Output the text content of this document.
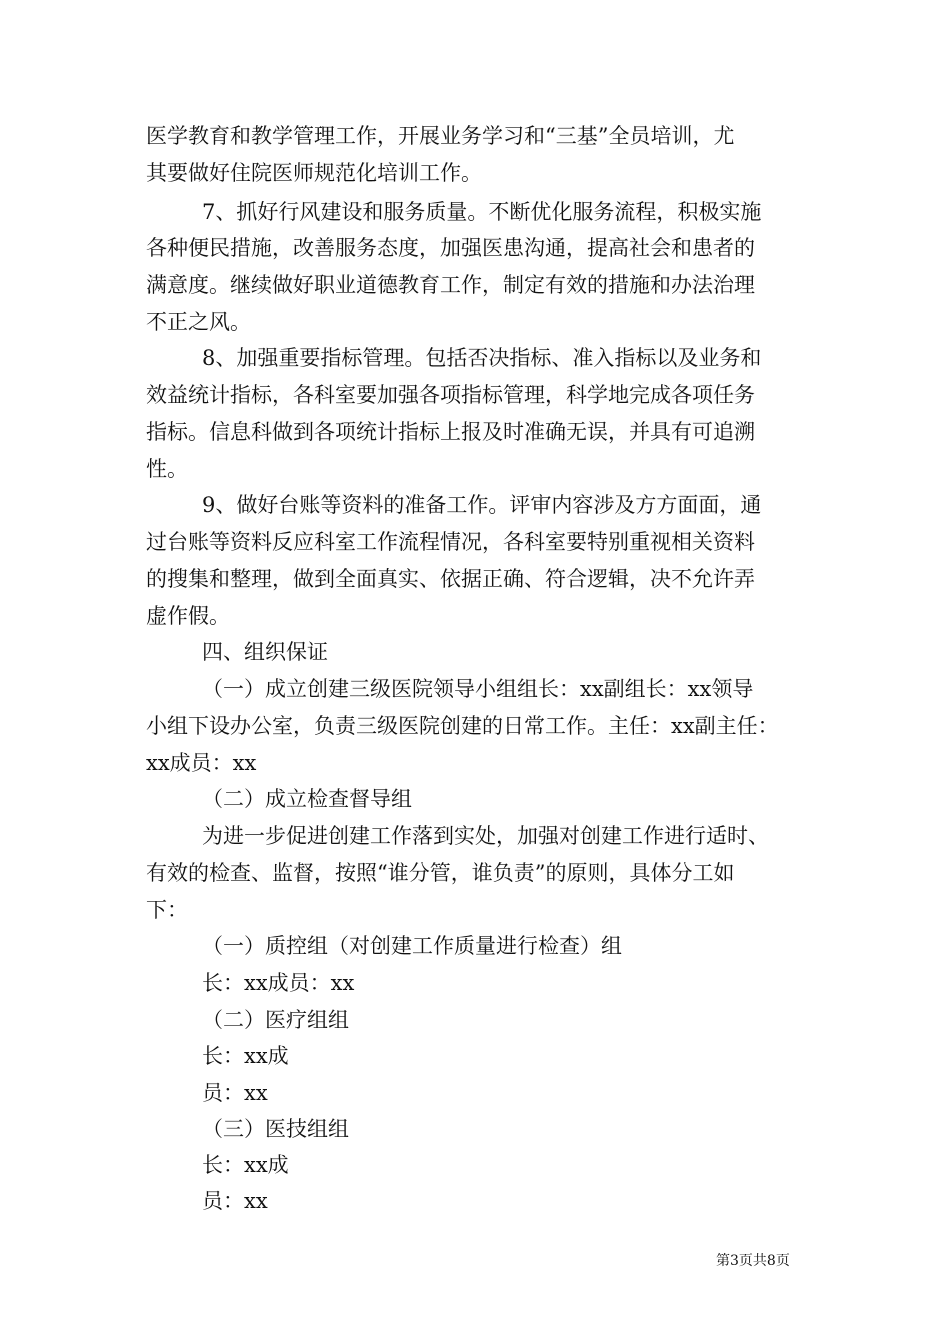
医学教育和教学管理工作，开展业务学习和“三基”全员培训，尤
其要做好住院医师规范化培训工作。
7、抓好行风建设和服务质量。不断优化服务流程，积极实施
各种便民措施，改善服务态度，加强医患沟通，提高社会和患者的
满意度。继续做好职业道德教育工作，制定有效的措施和办法治理
不正之风。
8、加强重要指标管理。包括否决指标、准入指标以及业务和
效益统计指标，各科室要加强各项指标管理，科学地完成各项任务
指标。信息科做到各项统计指标上报及时准确无误，并具有可追溯
性。
9、做好台账等资料的准备工作。评审内容涉及方方面面，通
过台账等资料反应科室工作流程情况，各科室要特别重视相关资料
的搜集和整理，做到全面真实、依据正确、符合逻辑，决不允许弄
虚作假。
四、组织保证
（一）成立创建三级医院领导小组组长：xx副组长：xx领导
小组下设办公室，负责三级医院创建的日常工作。主任：xx副主任：
xx成员：xx
（二）成立检查督导组
为进一步促进创建工作落到实处，加强对创建工作进行适时、
有效的检查、监督，按照“谁分管，谁负责”的原则，具体分工如
下：
（一）质控组（对创建工作质量进行检查）组
长：xx成员：xx
（二）医疗组组
长：xx成
员：xx
（三）医技组组
长：xx成
员：xx
第3页共8页
